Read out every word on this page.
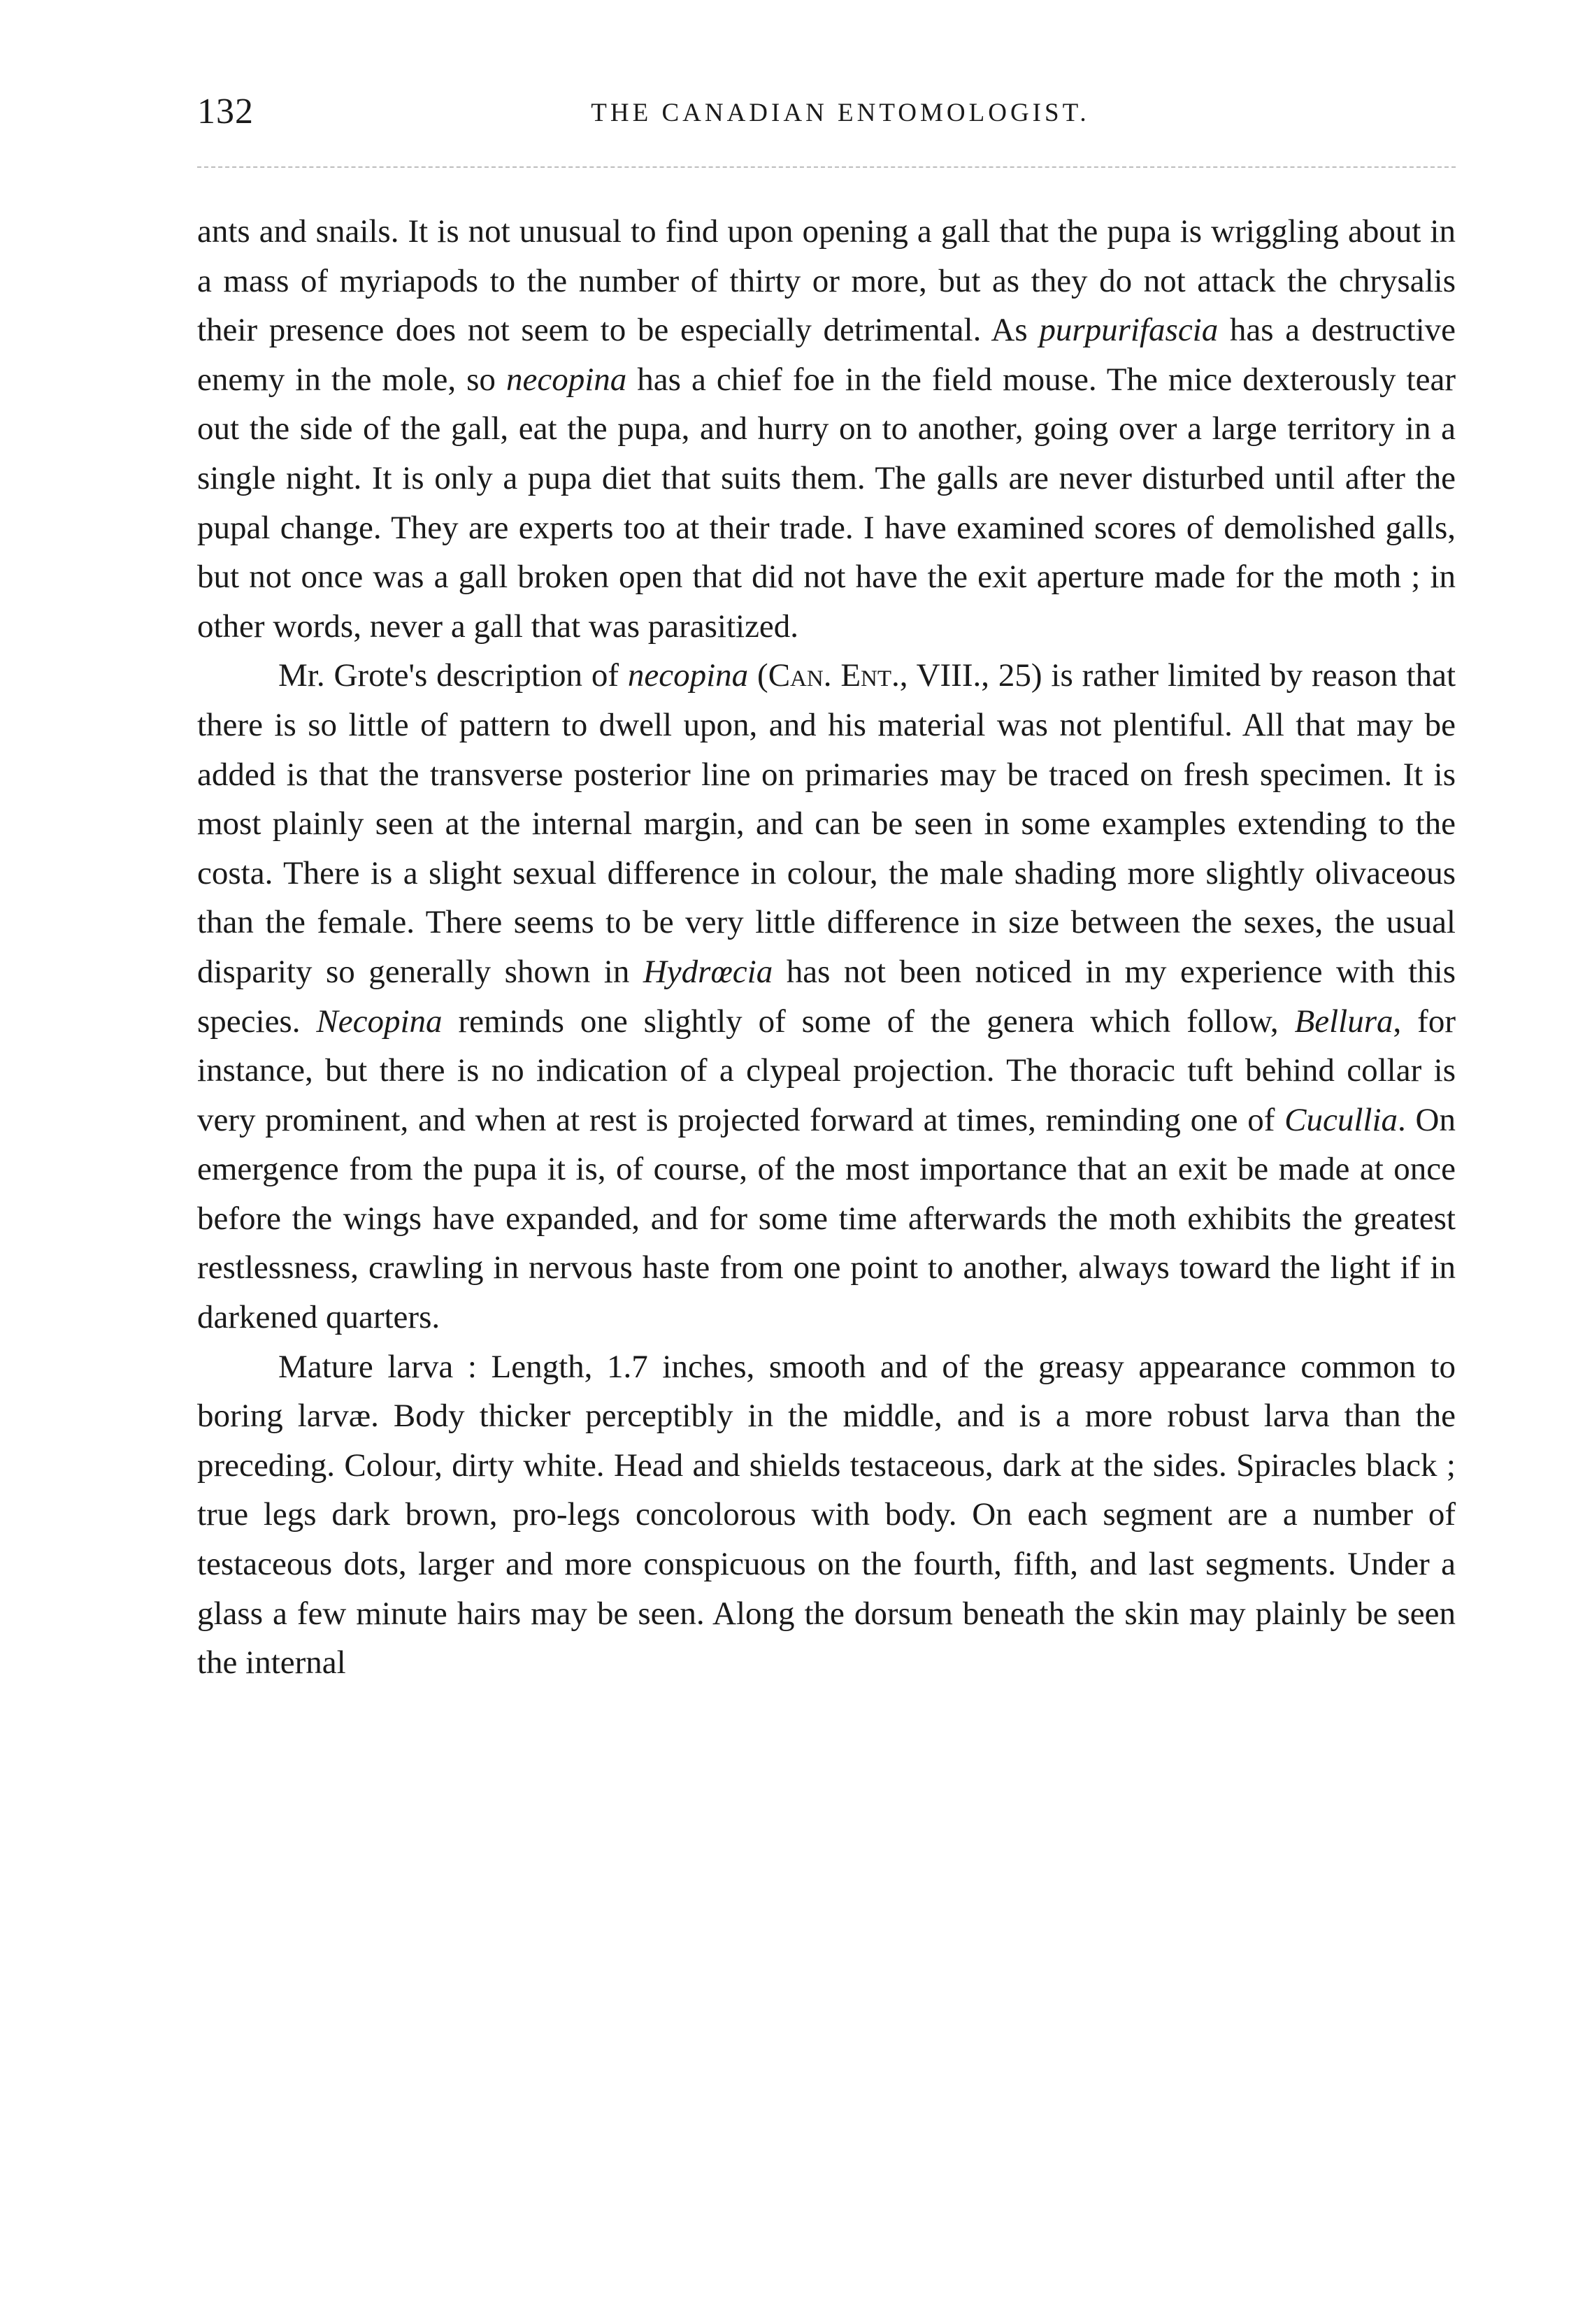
132	THE CANADIAN ENTOMOLOGIST.

ants and snails. It is not unusual to find upon opening a gall that the pupa is wriggling about in a mass of myriapods to the number of thirty or more, but as they do not attack the chrysalis their presence does not seem to be especially detrimental. As purpurifascia has a destructive enemy in the mole, so necopina has a chief foe in the field mouse. The mice dexterously tear out the side of the gall, eat the pupa, and hurry on to another, going over a large territory in a single night. It is only a pupa diet that suits them. The galls are never disturbed until after the pupal change. They are experts too at their trade. I have examined scores of demolished galls, but not once was a gall broken open that did not have the exit aperture made for the moth ; in other words, never a gall that was parasitized.

Mr. Grote's description of necopina (Can. Ent., VIII., 25) is rather limited by reason that there is so little of pattern to dwell upon, and his material was not plentiful. All that may be added is that the transverse posterior line on primaries may be traced on fresh specimen. It is most plainly seen at the internal margin, and can be seen in some examples extending to the costa. There is a slight sexual difference in colour, the male shading more slightly olivaceous than the female. There seems to be very little difference in size between the sexes, the usual disparity so generally shown in Hydrœcia has not been noticed in my experience with this species. Necopina reminds one slightly of some of the genera which follow, Bellura, for instance, but there is no indication of a clypeal projection. The thoracic tuft behind collar is very prominent, and when at rest is projected forward at times, reminding one of Cucullia. On emergence from the pupa it is, of course, of the most importance that an exit be made at once before the wings have expanded, and for some time afterwards the moth exhibits the greatest restlessness, crawling in nervous haste from one point to another, always toward the light if in darkened quarters.

Mature larva : Length, 1.7 inches, smooth and of the greasy appearance common to boring larvæ. Body thicker perceptibly in the middle, and is a more robust larva than the preceding. Colour, dirty white. Head and shields testaceous, dark at the sides. Spiracles black ; true legs dark brown, pro-legs concolorous with body. On each segment are a number of testaceous dots, larger and more conspicuous on the fourth, fifth, and last segments. Under a glass a few minute hairs may be seen. Along the dorsum beneath the skin may plainly be seen the internal
